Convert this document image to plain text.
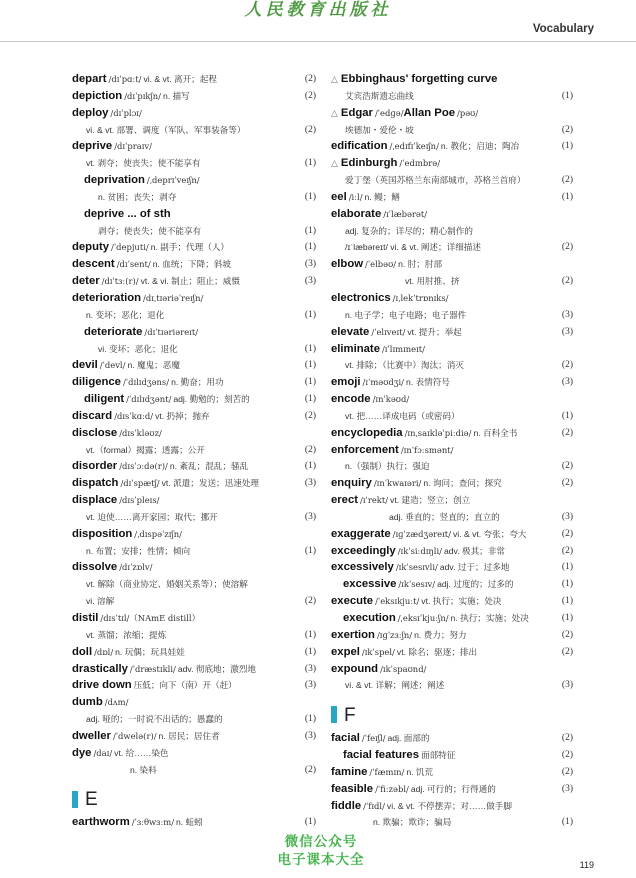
人民教育出版社
Vocabulary
depart /dɪˈpɑːt/ vi. & vt. 离开；起程	(2)
depiction /dɪˈpɪkʃn/ n. 描写	(2)
deploy /dɪˈplɔɪ/
vi. & vt. 部署、调度（军队、军事装备等）	(2)
deprive /dɪˈpraɪv/
vt. 剥夺；使丧失；使不能享有	(1)
deprivation /ˌdeprɪˈveɪʃn/
n. 贫困；丧失；剥夺	(1)
deprive ... of sth
剥夺；使丧失；使不能享有	(1)
deputy /ˈdepjuti/ n. 副手；代理（人）	(1)
descent /dɪˈsent/ n. 血统；下降；斜坡	(3)
deter /dɪˈtɜː(r)/ vt. & vi. 制止；阻止；威慑	(3)
deterioration /dɪˌtɪəriəˈreɪʃn/
n. 变坏；恶化；退化	(1)
deteriorate /dɪˈtɪəriəreɪt/
vi. 变坏；恶化；退化	(1)
devil /ˈdevl/ n. 魔鬼；恶魔	(1)
diligence /ˈdɪlɪdʒəns/ n. 勤奋；用功	(1)
diligent /ˈdɪlɪdʒənt/ adj. 勤勉的；刻苦的	(1)
discard /dɪsˈkɑːd/ vt. 扔掉；抛弃	(2)
disclose /dɪsˈkləʊz/
vt.（formal）揭露；透露；公开	(2)
disorder /dɪsˈɔːdə(r)/ n. 紊乱；混乱；骚乱	(1)
dispatch /dɪˈspætʃ/ vt. 派遣；发送；迅速处理	(3)
displace /dɪsˈpleɪs/
vt. 迫使……离开家园；取代；挪开	(3)
disposition /ˌdɪspəˈzɪʃn/
n. 布置；安排；性情；倾向	(1)
dissolve /dɪˈzɒlv/
vt. 解除（商业协定、婚姻关系等）；使溶解
vi. 溶解	(2)
distil /dɪsˈtɪl/（NAmE distill）
vt. 蒸馏；浓缩；提炼	(1)
doll /dɒl/ n. 玩偶；玩具娃娃	(1)
drastically /ˈdræstɪkli/ adv. 彻底地；激烈地	(3)
drive down 压低；向下（南）开（赶）	(3)
dumb /dʌm/
adj. 哑的；一时说不出话的；愚蠢的	(1)
dweller /ˈdwelə(r)/ n. 居民；居住者	(3)
dye /daɪ/ vt. 给……染色
n. 染料	(2)
E
earthworm /ˈɜːθwɜːm/ n. 蚯蚓	(1)
△ Ebbinghaus' forgetting curve
艾宾浩斯遗忘曲线	(1)
△ Edgar /ˈedɡə/Allan Poe /pəʊ/
埃德加・爱伦・坡	(2)
edification /ˌedɪfɪˈkeɪʃn/ n. 教化；启迪；陶冶	(1)
△ Edinburgh /ˈedɪnbrə/
爱丁堡（英国苏格兰东南部城市，苏格兰首府）	(2)
eel /iːl/ n. 鳗；鳝	(1)
elaborate /ɪˈlæbərət/
adj. 复杂的；详尽的；精心制作的
/ɪˈlæbəreɪt/ vi. & vt. 阐述；详细描述	(2)
elbow /ˈelbəʊ/ n. 肘；肘部
vt. 用肘推、挤	(2)
electronics /ɪˌlekˈtrɒnɪks/
n. 电子学；电子电路；电子器件	(3)
elevate /ˈelɪveɪt/ vt. 提升；举起	(3)
eliminate /ɪˈlɪmɪneɪt/
vt. 排除；（比赛中）淘汰；消灭	(2)
emoji /ɪˈməʊdʒi/ n. 表情符号	(3)
encode /ɪnˈkəʊd/
vt. 把……译成电码（或密码）	(1)
encyclopedia /ɪnˌsaɪkləˈpiːdiə/ n. 百科全书	(2)
enforcement /ɪnˈfɔːsmənt/
n.（强制）执行；强迫	(2)
enquiry /ɪnˈkwaɪəri/ n. 询问；查问；探究	(2)
erect /ɪˈrekt/ vt. 建造；竖立；创立
adj. 垂直的；竖直的；直立的	(3)
exaggerate /ɪɡˈzædʒəreɪt/ vi. & vt. 夸张；夸大	(2)
exceedingly /ɪkˈsiːdɪŋli/ adv. 极其；非常	(2)
excessively /ɪkˈsesɪvli/ adv. 过于；过多地	(1)
excessive /ɪkˈsesɪv/ adj. 过度的；过多的	(1)
execute /ˈeksɪkjuːt/ vt. 执行；实施；处决	(1)
execution /ˌeksɪˈkjuːʃn/ n. 执行；实施；处决	(1)
exertion /ɪɡˈzɜːʃn/ n. 费力；努力	(2)
expel /ɪkˈspel/ vt. 除名；驱逐；排出	(2)
expound /ɪkˈspaʊnd/
vi. & vt. 详解；阐述；阐述	(3)
F
facial /ˈfeɪʃl/ adj. 面部的	(2)
facial features 面部特征	(2)
famine /ˈfæmɪn/ n. 饥荒	(2)
feasible /ˈfiːzəbl/ adj. 可行的；行得通的	(3)
fiddle /ˈfɪdl/ vi. & vt. 不停摆弄；对……做手脚
n. 欺骗；欺诈；骗局	(1)
微信公众号
电子课本大全	119
